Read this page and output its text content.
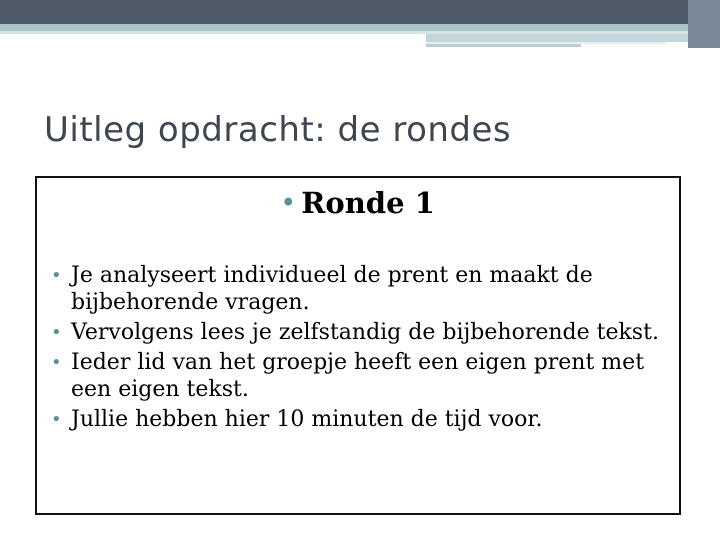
Uitleg opdracht: de rondes
• Ronde 1
• Je analyseert individueel de prent en maakt de bijbehorende vragen.
• Vervolgens lees je zelfstandig de bijbehorende tekst.
• Ieder lid van het groepje heeft een eigen prent met een eigen tekst.
• Jullie hebben hier 10 minuten de tijd voor.
